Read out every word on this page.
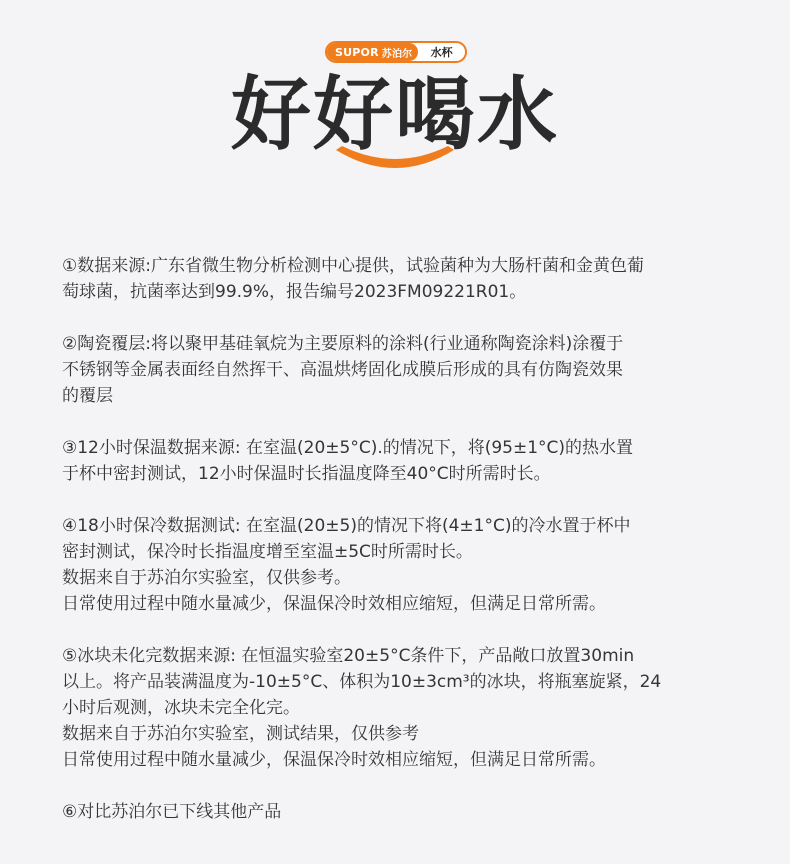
SUPOR 苏泊尔	水杯
好好喝水

①数据来源:广东省微生物分析检测中心提供，试验菌种为大肠杆菌和金黄色葡

萄球菌，抗菌率达到99.9%，报告编号2023FM09221R01。

②陶瓷覆层:将以聚甲基硅氧烷为主要原料的涂料(行业通称陶瓷涂料)涂覆于

不锈钢等金属表面经自然挥干、高温烘烤固化成膜后形成的具有仿陶瓷效果

的覆层

③12小时保温数据来源: 在室温(20±5°C).的情况下，将(95±1°C)的热水置

于杯中密封测试，12小时保温时长指温度降至40°C时所需时长。

④18小时保冷数据测试: 在室温(20±5)的情况下将(4±1°C)的冷水置于杯中

密封测试，保冷时长指温度增至室温±5C时所需时长。

数据来自于苏泊尔实验室，仅供参考。

日常使用过程中随水量减少，保温保冷时效相应缩短，但满足日常所需。

⑤冰块未化完数据来源: 在恒温实验室20±5°C条件下，产品敞口放置30min

以上。将产品装满温度为-10±5°C、体积为10±3cm³的冰块，将瓶塞旋紧，24

小时后观测，冰块未完全化完。

数据来自于苏泊尔实验室，测试结果，仅供参考

日常使用过程中随水量减少，保温保冷时效相应缩短，但满足日常所需。

⑥对比苏泊尔已下线其他产品
